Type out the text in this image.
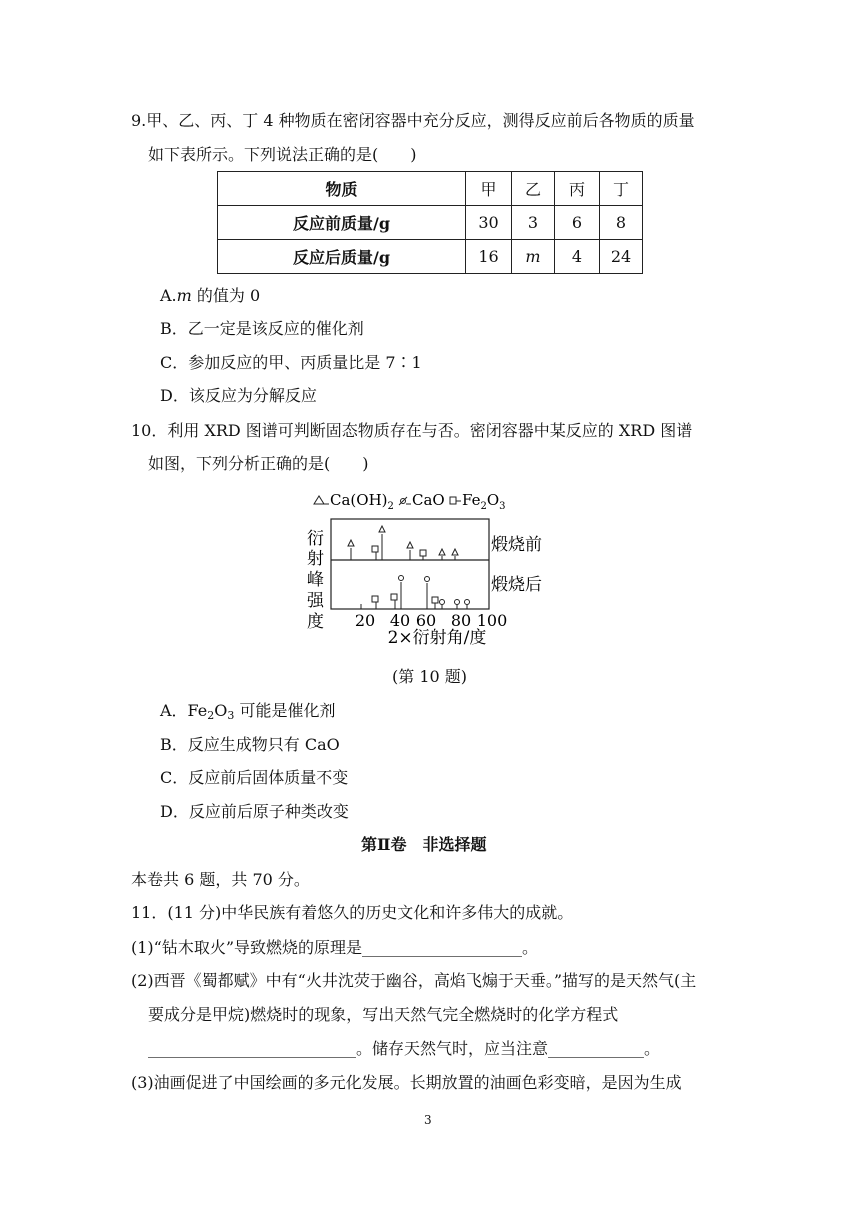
9.甲、乙、丙、丁 4 种物质在密闭容器中充分反应，测得反应前后各物质的质量
如下表所示。下列说法正确的是(　　)
物质	甲	乙	丙	丁
反应前质量/g	30	3	6	8
反应后质量/g	16	m	4	24
A.m 的值为 0
B．乙一定是该反应的催化剂
C．参加反应的甲、丙质量比是 7∶1
D．该反应为分解反应
10．利用 XRD 图谱可判断固态物质存在与否。密闭容器中某反应的 XRD 图谱
如图，下列分析正确的是(　　)
$Ca(OH)_2$ CaO $Fe_2O_3$
衍
射
峰
强
度
煅烧前
煅烧后
20 40 60 80 100
2×衍射角/度
(第 10 题)
A．$Fe_2O_3$ 可能是催化剂
B．反应生成物只有 CaO
C．反应前后固体质量不变
D．反应前后原子种类改变
第Ⅱ卷　非选择题
本卷共 6 题，共 70 分。
11．(11 分)中华民族有着悠久的历史文化和许多伟大的成就。
(1)“钻木取火”导致燃烧的原理是____________________。
(2)西晋《蜀都赋》中有“火井沈荧于幽谷，高焰飞煽于天垂。”描写的是天然气(主
要成分是甲烷)燃烧时的现象，写出天然气完全燃烧时的化学方程式
__________________________。储存天然气时，应当注意____________。
(3)油画促进了中国绘画的多元化发展。长期放置的油画色彩变暗，是因为生成
3
